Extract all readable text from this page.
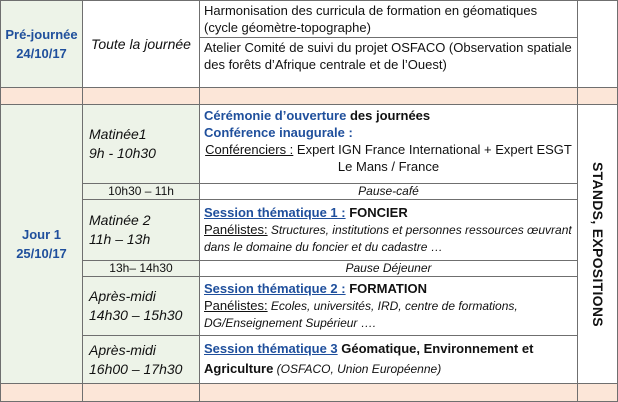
Pré-journée
24/10/17
Toute la journée
Harmonisation des curricula de formation en géomatiques (cycle géomètre-topographe)
Atelier Comité de suivi du projet OSFACO (Observation spatiale des forêts d’Afrique centrale et de l’Ouest)
Jour 1
25/10/17
Matinée1
9h - 10h30
Cérémonie d’ouverture des journées
Conférence inaugurale :
Conférenciers : Expert IGN France International + Expert ESGT Le Mans / France
10h30 – 11h	Pause-café
Matinée 2
11h – 13h
Session thématique 1 : FONCIER
Panélistes: Structures, institutions et personnes ressources œuvrant dans le domaine du foncier et du cadastre …
13h– 14h30	Pause Déjeuner
Après-midi
14h30 – 15h30
Session thématique 2 : FORMATION
Panélistes: Ecoles, universités, IRD, centre de formations, DG/Enseignement Supérieur ….
Après-midi
16h00 – 17h30
Session thématique 3 Géomatique, Environnement et Agriculture (OSFACO, Union Européenne)
STANDS, EXPOSITIONS
